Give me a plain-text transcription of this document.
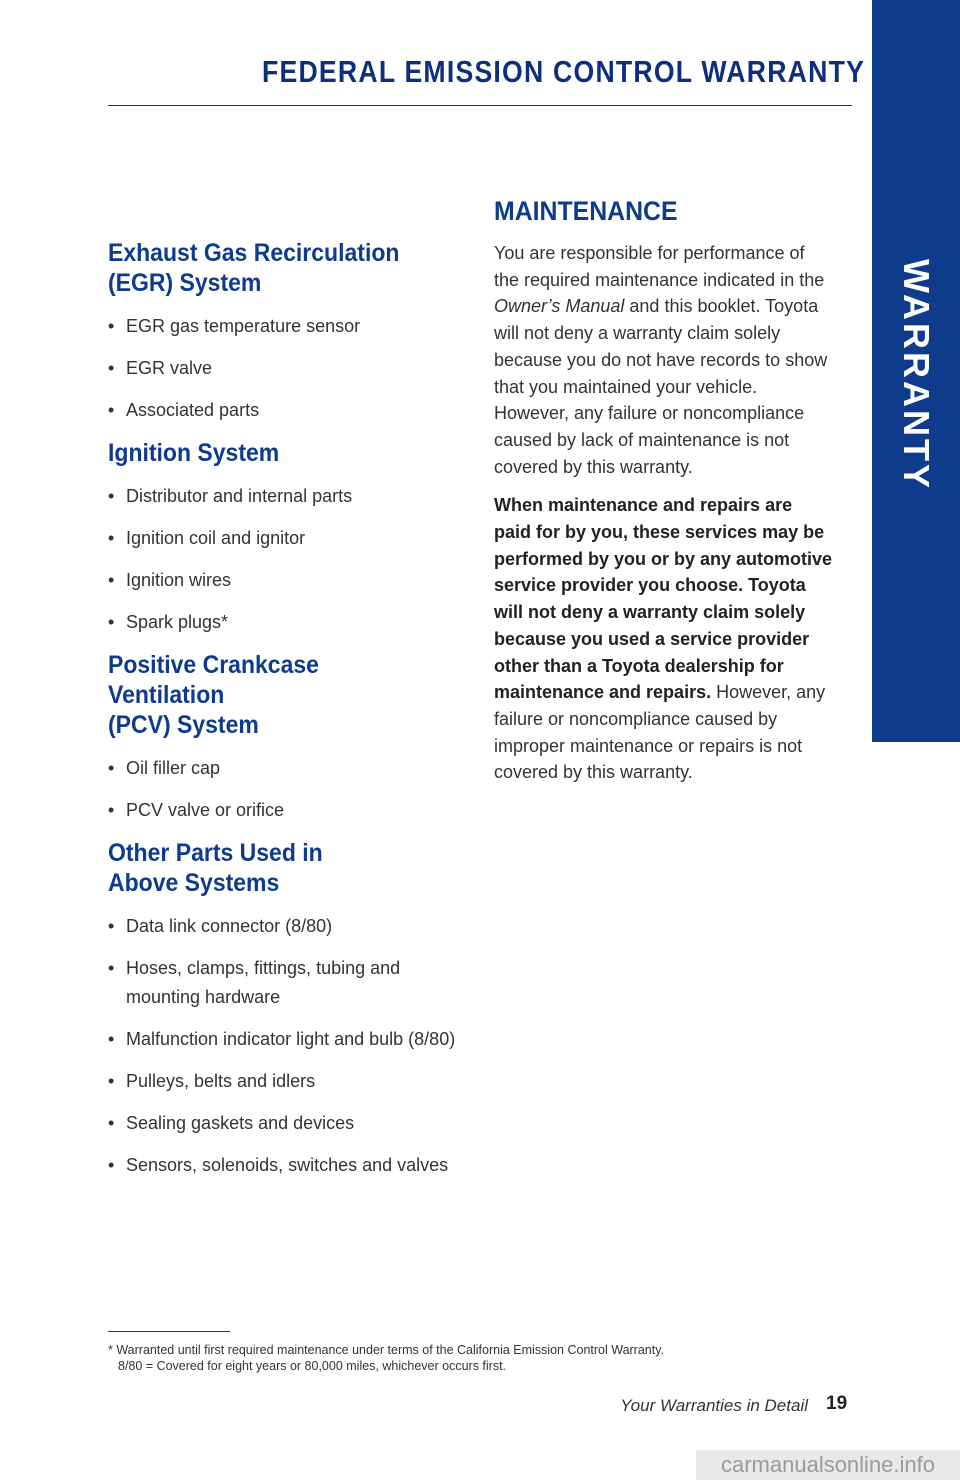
FEDERAL EMISSION CONTROL WARRANTY
WARRANTY
Exhaust Gas Recirculation
(EGR) System
• EGR gas temperature sensor
• EGR valve
• Associated parts
Ignition System
• Distributor and internal parts
• Ignition coil and ignitor
• Ignition wires
• Spark plugs*
Positive Crankcase Ventilation
(PCV) System
• Oil filler cap
• PCV valve or orifice
Other Parts Used in
Above Systems
• Data link connector (8/80)
• Hoses, clamps, fittings, tubing and mounting hardware
• Malfunction indicator light and bulb (8/80)
• Pulleys, belts and idlers
• Sealing gaskets and devices
• Sensors, solenoids, switches and valves
MAINTENANCE

You are responsible for performance of the required maintenance indicated in the Owner’s Manual and this booklet. Toyota will not deny a warranty claim solely because you do not have records to show that you maintained your vehicle. However, any failure or noncompliance caused by lack of maintenance is not covered by this warranty.

When maintenance and repairs are paid for by you, these services may be performed by you or by any automotive service provider you choose. Toyota will not deny a warranty claim solely because you used a service provider other than a Toyota dealership for maintenance and repairs. However, any failure or noncompliance caused by improper maintenance or repairs is not covered by this warranty.

* Warranted until first required maintenance under terms of the California Emission Control Warranty.
8/80 = Covered for eight years or 80,000 miles, whichever occurs first.
Your Warranties in Detail 19
carmanualsonline.info
